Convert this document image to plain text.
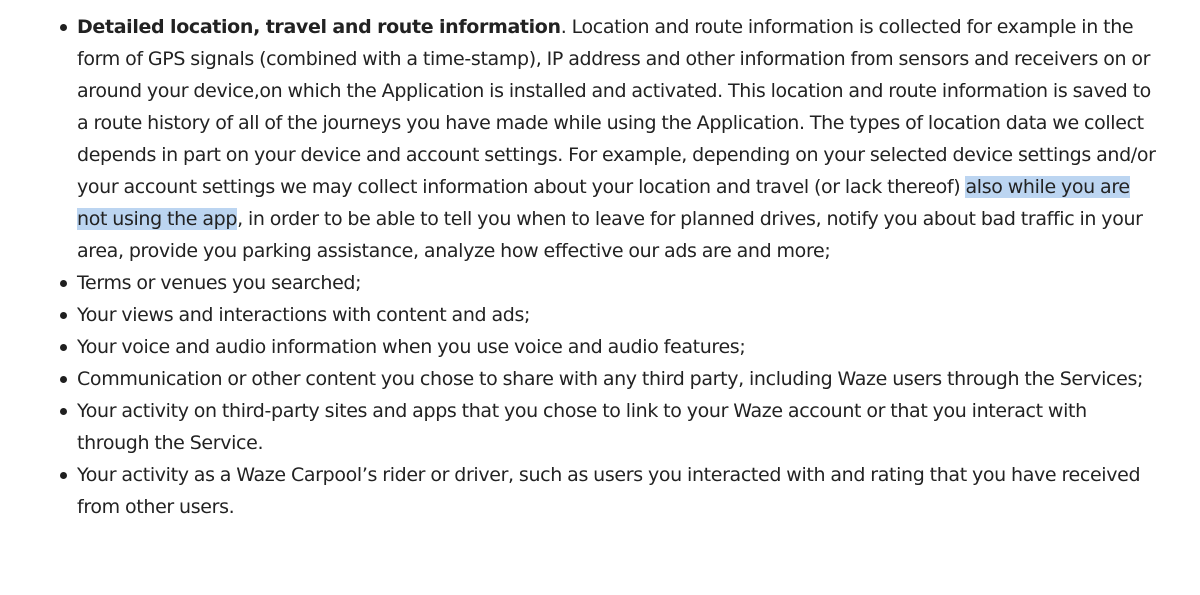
Detailed location, travel and route information. Location and route information is collected for example in the form of GPS signals (combined with a time-stamp), IP address and other information from sensors and receivers on or around your device,on which the Application is installed and activated. This location and route information is saved to a route history of all of the journeys you have made while using the Application. The types of location data we collect depends in part on your device and account settings. For example, depending on your selected device settings and/or your account settings we may collect information about your location and travel (or lack thereof) also while you are not using the app, in order to be able to tell you when to leave for planned drives, notify you about bad traffic in your area, provide you parking assistance, analyze how effective our ads are and more;
Terms or venues you searched;
Your views and interactions with content and ads;
Your voice and audio information when you use voice and audio features;
Communication or other content you chose to share with any third party, including Waze users through the Services;
Your activity on third-party sites and apps that you chose to link to your Waze account or that you interact with through the Service.
Your activity as a Waze Carpool’s rider or driver, such as users you interacted with and rating that you have received from other users.
